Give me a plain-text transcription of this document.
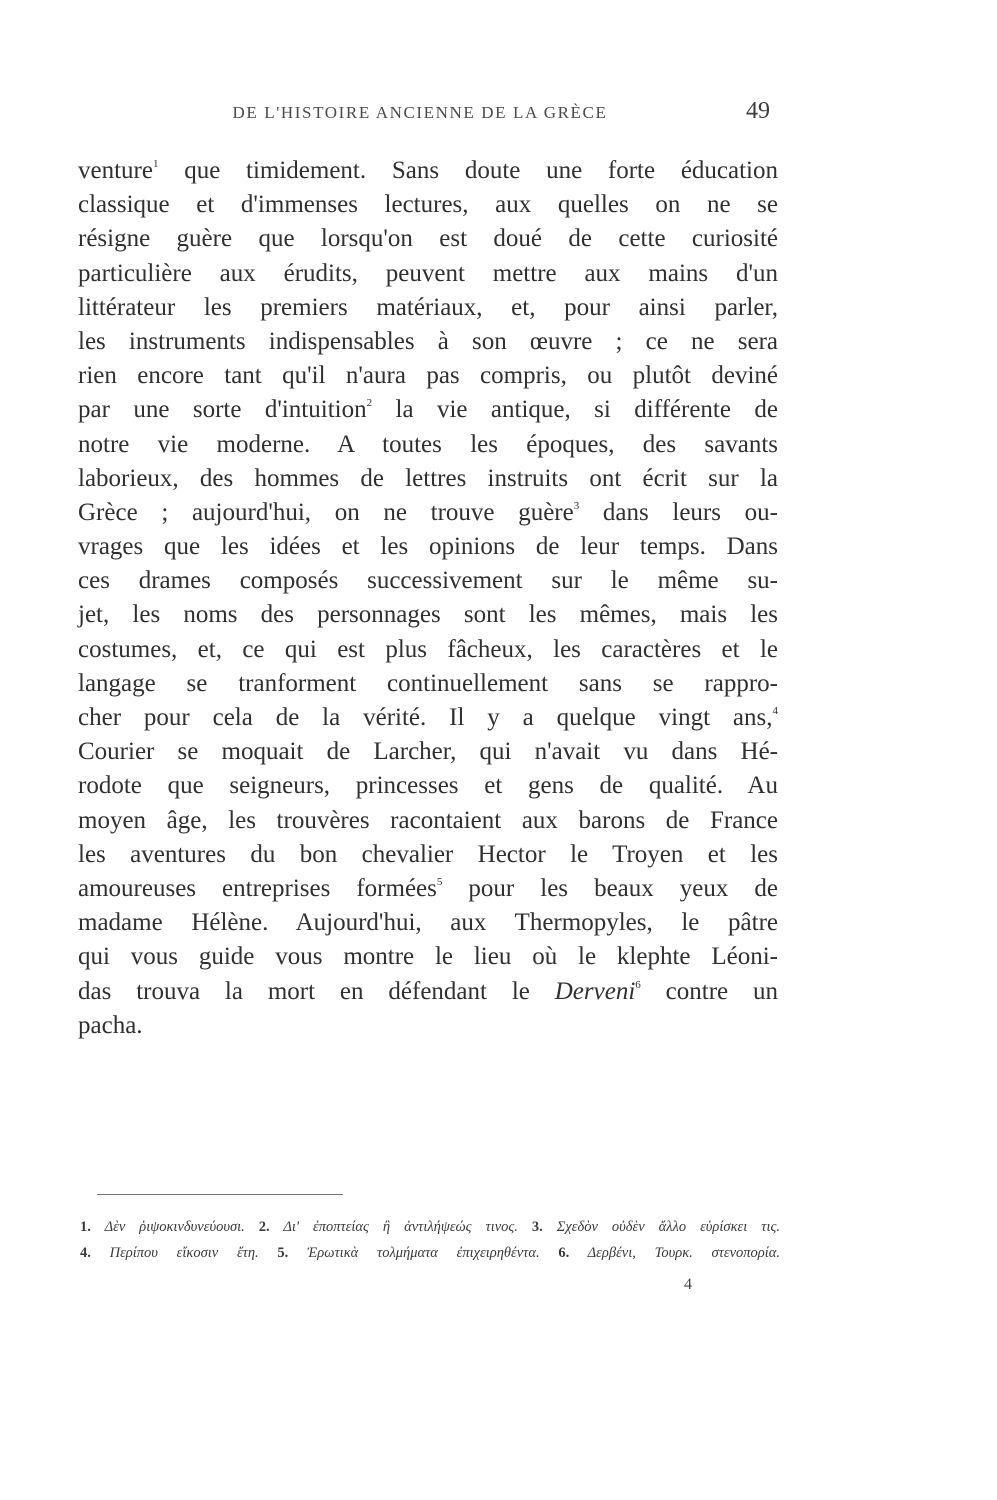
DE L'HISTOIRE ANCIENNE DE LA GRÈCE	49
venture$^1$ que timidement. Sans doute une forte éducation
classique et d'immenses lectures, aux quelles on ne se
résigne guère que lorsqu'on est doué de cette curiosité
particulière aux érudits, peuvent mettre aux mains d'un
littérateur les premiers matériaux, et, pour ainsi parler,
les instruments indispensables à son œuvre ; ce ne sera
rien encore tant qu'il n'aura pas compris, ou plutôt deviné
par une sorte d'intuition$^2$ la vie antique, si différente de
notre vie moderne. A toutes les époques, des savants
laborieux, des hommes de lettres instruits ont écrit sur la
Grèce ; aujourd'hui, on ne trouve guère$^3$ dans leurs ou-
vrages que les idées et les opinions de leur temps. Dans
ces drames composés successivement sur le même su-
jet, les noms des personnages sont les mêmes, mais les
costumes, et, ce qui est plus fâcheux, les caractères et le
langage se tranforment continuellement sans se rappro-
cher pour cela de la vérité. Il y a quelque vingt ans,$^4$
Courier se moquait de Larcher, qui n'avait vu dans Hé-
rodote que seigneurs, princesses et gens de qualité. Au
moyen âge, les trouvères racontaient aux barons de France
les aventures du bon chevalier Hector le Troyen et les
amoureuses entreprises formées$^5$ pour les beaux yeux de
madame Hélène. Aujourd'hui, aux Thermopyles, le pâtre
qui vous guide vous montre le lieu où le klephte Léoni-
das trouva la mort en défendant le Derveni$^6$ contre un
pacha.
1. Δὲν ῥιψοκινδυνεύουσι. 2. Δι' ἐποπτείας ἢ ἀντιλήψεώς τινος. 3. Σχεδὸν οὐδὲν ἄλλο εὑρίσκει τις.
4. Περίπου εἴκοσιν ἔτη. 5. Ἐρωτικὰ τολμήματα ἐπιχειρηθέντα. 6. Δερβένι, Τουρκ. στενοπορία.
4
